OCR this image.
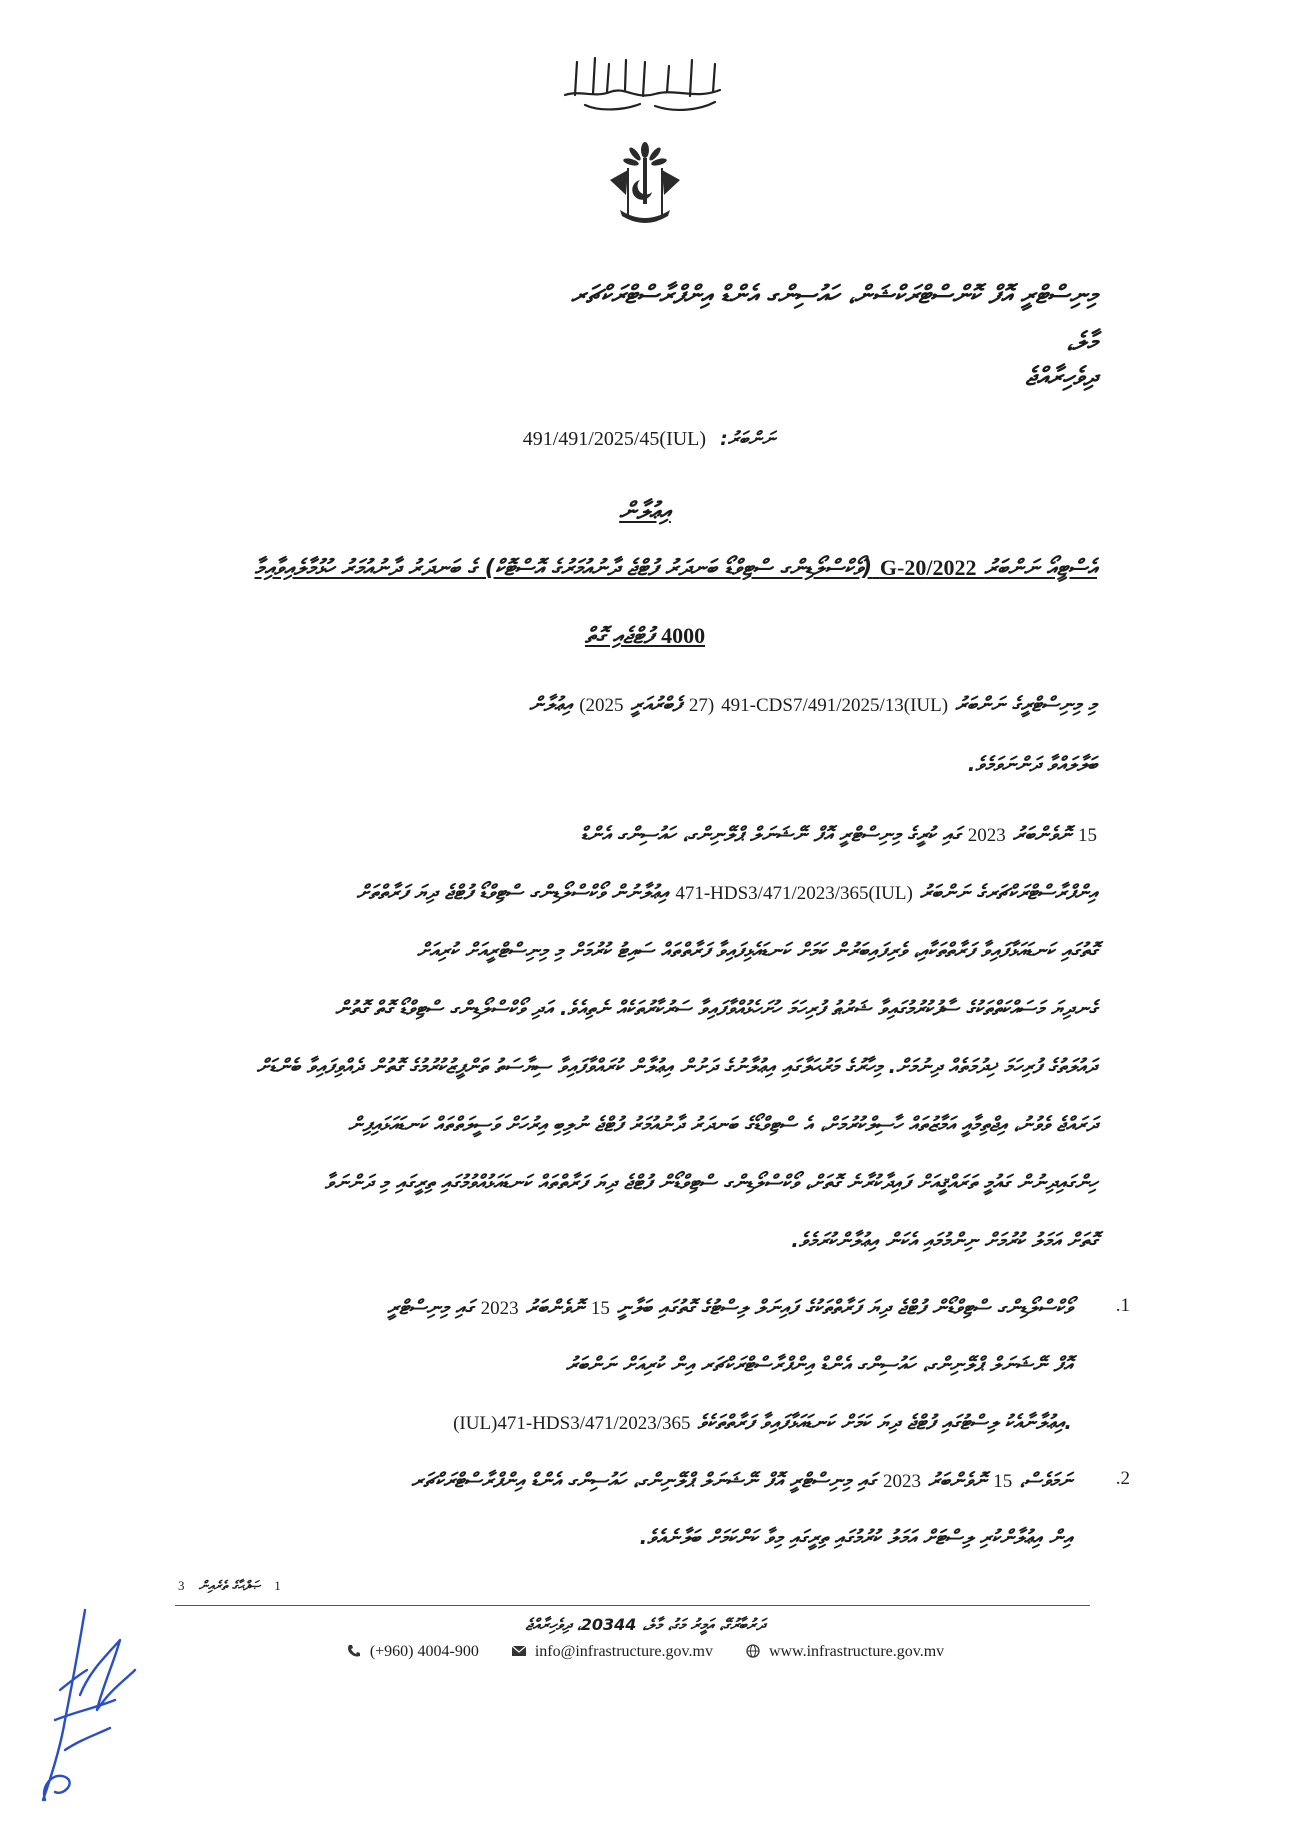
މިނިސްޓްރީ އޮފް ކޮންސްޓްރަކްޝަން، ހައުސިންގ އެންޑް އިންފްރާސްޓްރަކްޗަރ
މާލެ،
ދިވެހިރާއްޖެ
ނަންބަރު: (IUL)491/491/2025/45
އިޢުލާން
އެސްޓީއޯ ނަންބަރު 2022/G-20 (ވޯކްސްލޯޑިންގ ސްޓިވްޑޯ ބަނދަރު ފުޓްޖެ ދާނުއުމަރުގެ އޮސްޓޮކް) ގެ ބަނދަރު ދާނުއުމަރު ހުޅުމާލެއިވާއިމާ
4000 ފުޓްޖެއި ގޮތް
މި މިނިސްޓްރީގެ ނަންބަރު (IUL)491-CDS7/491/2025/13 (27 ފެބްރުއަރީ 2025) އިޢުލާން
ބަލާލައްވާ ދަންނަވަމެވެ.
15 ނޮވެންބަރު 2023 ގައި ކުރީގެ މިނިސްޓްރީ އޮފް ނޭޝަނަލް ޕްލޭނިންގ، ހައުސިންގ އެންޑް
އިންފްރާސްޓްރަކްޗަރގެ ނަންބަރު (IUL)471-HDS3/471/2023/365 އިޢުލާނުން ވޯކްސްލޯޑިންގ ސްޓިވްޑޯ ފުޓްޖެ ދިޔަ ފަރާތްތަށް
ގޮތުގައި ކަނޑައަޅާފައިވާ ފަރާތްތަކާއި، ވެރިފައިބަރުން ކަމަށް ކަނޑައެޅިފައިވާ ފަރާތްތައް ސައިޓު ކުރުމަށް މި މިނިސްޓްރީއަށް ކުރިއަށް
ގެނދިޔަ މަސައްކަތްތަކުގެ ސާފުކުރުމުގައިވާ ޝަރުޠު ފުރިހަމަ ހުށަހެޅުއްވާފައިވާ ސަރުކާރުތަކެއް ނެތިއެވެ. އަދި ވޯކްސްލޯޑިންގ ސްޓިވްޑޯ ގޮތް ގޮތުން
ދައުލަތުގެ ފުރިހަމަ ޚިދުމަތެއް ދިނުމަށް. މިހާރުގެ މަރުޙަލާގައި އިޢުލާނުގެ ދަށުން އިޢުލާން ކުރައްވާފައިވާ ސިޔާސަތު ތަންފީޒުކުރުމުގެ ގޮތުން ދެއްވިފައިވާ ބެންޑަށް
ދަރައްޖެ ވެވުނު، އިޖްތިމާއީ އަމާޒުތައް ހާސިލްކުރުމަށް، އެ ސްޓިވްޑޯގެ ބަނދަރު ދާނުއުމަރު ފުޓްޖެ ނުލިބި އިރުހަށް ވަސީލަތްތައް ކަނޑައަޅައިފިން
ހިންގައިދިނުން ގައުމީ ތަރައްޤީއަށް ފައިދާކުރާނެ ގޮތަށް، ވޯކްސްލޯޑިންގ ސްޓިވްޑޯން ފުޓްޖެ ދިޔަ ފަރާތްތައް ކަނޑައަޅުއްވުމުގައި ތިރީގައި މި ދަންނަވާ
ގޮތަށް އަމަލު ކުރުމަށް ނިންމުމައި އެކަން އިޢުލާންކުރަމެވެ.
.1
ވޯކްސްލޯޑިންގ ސްޓިވްޑޯން ފުޓްޖެ ދިޔަ ފަރާތްތަކުގެ ފައިނަލް ލިސްޓުގެ ގޮތުގައި ބަލާނީ 15 ނޮވެންބަރު 2023 ގައި މިނިސްޓްރީ
އޮފް ނޭޝަނަލް ޕްލޭނިންގ، ހައުސިންގ އެންޑް އިންފްރާސްޓްރަކްޗަރ އިން ކުރިއަށް ނަންބަރު
(IUL)471-HDS3/471/2023/365 އިޢުލާނާއެކު ލިސްޓުގައި ފުޓްޖެ ދިޔަ ކަމަށް ކަނޑައަޅާފައިވާ ފަރާތްތަކެވެ.
.2
ނަމަވެސް، 15 ނޮވެންބަރު 2023 ގައި މިނިސްޓްރީ އޮފް ނޭޝަނަލް ޕްލޭނިންގ، ހައުސިންގ އެންޑް އިންފްރާސްޓްރަކްޗަރ
އިން އިޢުލާންކުރި ލިސްޓަށް އަމަލު ކުރުމުގައި ތިރީގައި މިވާ ކަންކަމަށް ބަލާނެއެވެ.
3 ޞަފްޙާގެ ތެރެއިން 1
ދަރުބާރުގޭ، އަމީރު މަގު، މާލެ، 20344، ދިވެހިރާއްޖެ
(+960) 4004-900	info@infrastructure.gov.mv	www.infrastructure.gov.mv
